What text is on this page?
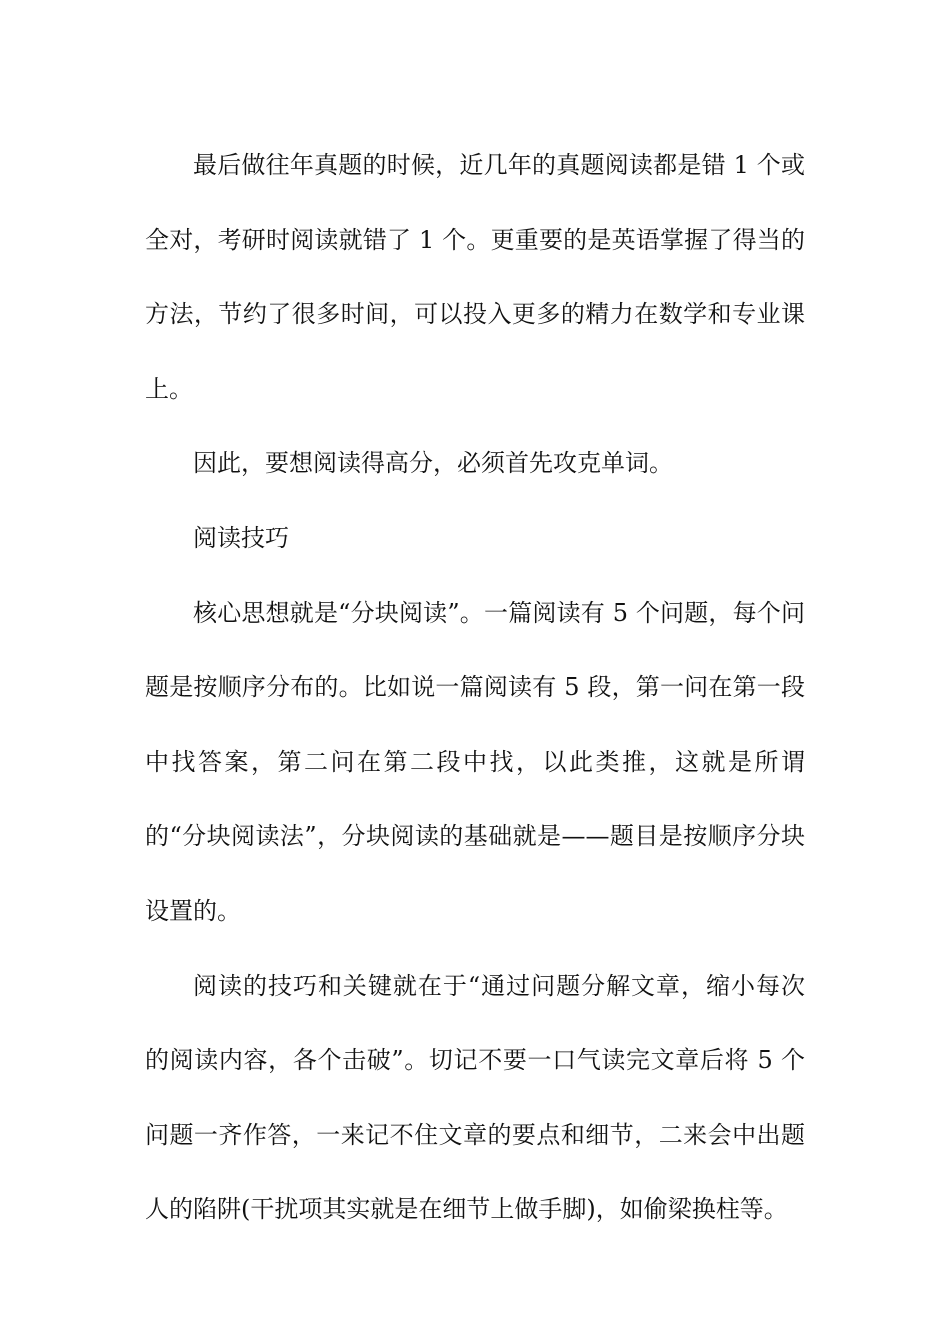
最后做往年真题的时候，近几年的真题阅读都是错 1 个或全对，考研时阅读就错了 1 个。更重要的是英语掌握了得当的方法，节约了很多时间，可以投入更多的精力在数学和专业课上。

因此，要想阅读得高分，必须首先攻克单词。

阅读技巧

核心思想就是“分块阅读”。一篇阅读有 5 个问题，每个问题是按顺序分布的。比如说一篇阅读有 5 段，第一问在第一段中找答案，第二问在第二段中找，以此类推，这就是所谓的“分块阅读法”，分块阅读的基础就是——题目是按顺序分块设置的。

阅读的技巧和关键就在于“通过问题分解文章，缩小每次的阅读内容，各个击破”。切记不要一口气读完文章后将 5 个问题一齐作答，一来记不住文章的要点和细节，二来会中出题人的陷阱(干扰项其实就是在细节上做手脚)，如偷梁换柱等。
